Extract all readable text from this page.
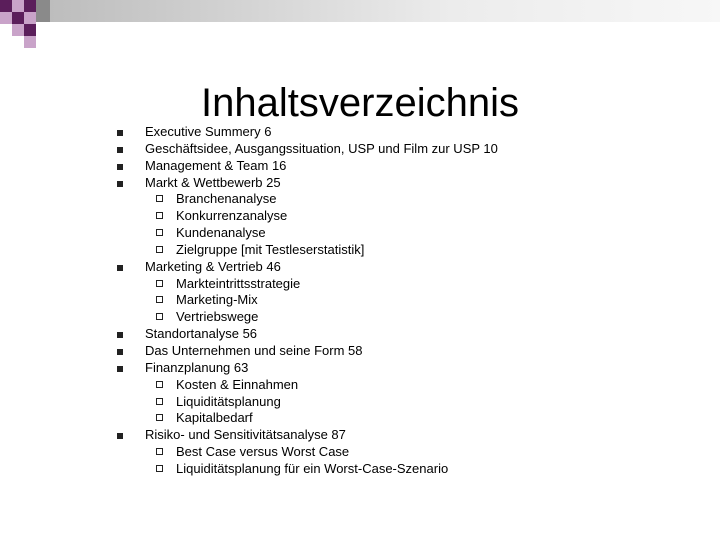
Inhaltsverzeichnis
Executive Summery 6
Geschäftsidee, Ausgangssituation, USP und Film zur USP 10
Management & Team 16
Markt & Wettbewerb 25
Branchenanalyse
Konkurrenzanalyse
Kundenanalyse
Zielgruppe [mit Testleserstatistik]
Marketing & Vertrieb 46
Markteintrittsstrategie
Marketing-Mix
Vertriebswege
Standortanalyse 56
Das Unternehmen und seine Form 58
Finanzplanung 63
Kosten & Einnahmen
Liquiditätsplanung
Kapitalbedarf
Risiko- und Sensitivitätsanalyse 87
Best Case versus Worst Case
Liquiditätsplanung für ein Worst-Case-Szenario
